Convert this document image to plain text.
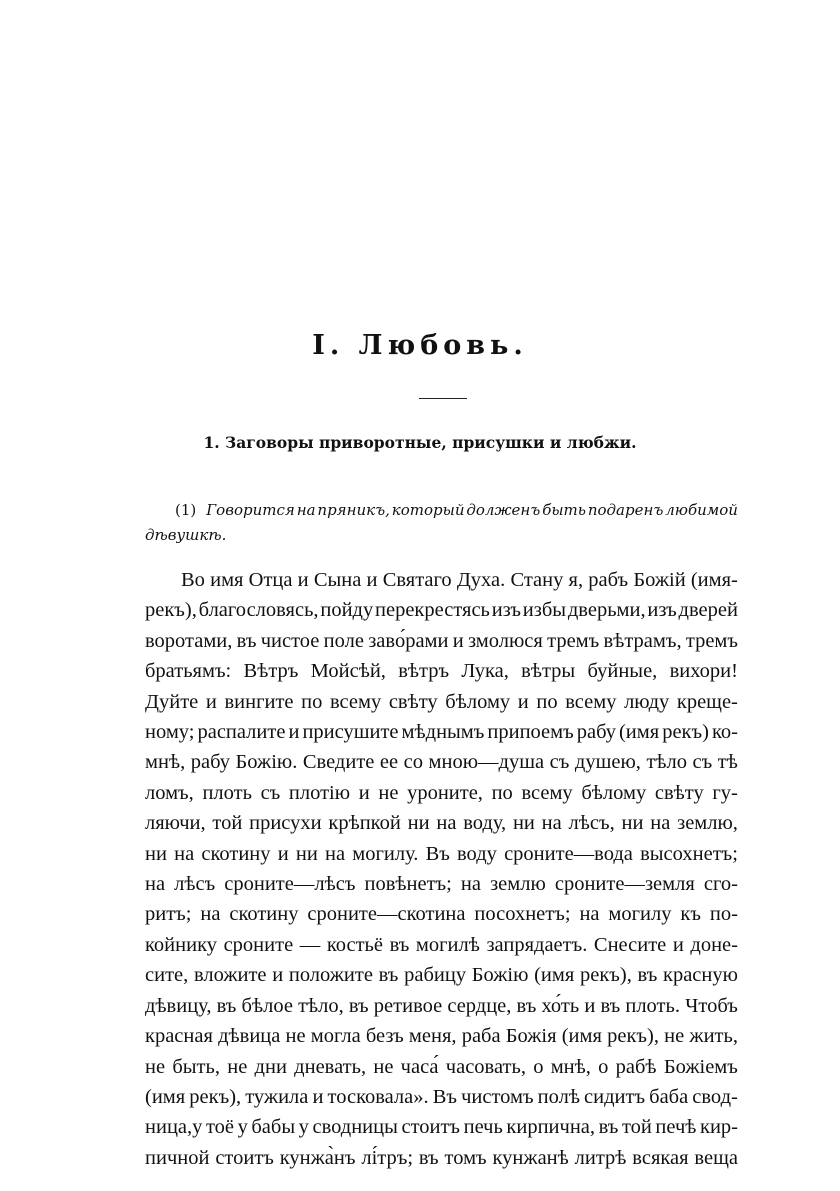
I. Любовь.
1. Заговоры приворотные, присушки и любжи.
(1) Говорится на пряникъ, который долженъ быть подаренъ любимой
дѣвушкѣ.
Во имя Отца и Сына и Святаго Духа. Стану я, рабъ Божій (имя-
рекъ), благословясь, пойду перекрестясь изъ избы дверьми, изъ дверей
воротами, въ чистое поле заво́рами и змолюся тремъ вѣтрамъ, тремъ
братьямъ: Вѣтръ Мойсѣй, вѣтръ Лука, вѣтры буйные, вихори!
Дуйте и вингите по всему свѣту бѣлому и по всему люду креще-
ному; распалите и присушите мѣднымъ припоемъ рабу (имя рекъ) ко-
мнѣ, рабу Божію. Сведите ее со мною—душа съ душею, тѣло съ тѣ
ломъ, плоть съ плотію и не уроните, по всему бѣлому свѣту гу-
ляючи, той присухи крѣпкой ни на воду, ни на лѣсъ, ни на землю,
ни на скотину и ни на могилу. Въ воду сроните—вода высохнетъ;
на лѣсъ сроните—лѣсъ повѣнетъ; на землю сроните—земля сго-
ритъ; на скотину сроните—скотина посохнетъ; на могилу къ по-
койнику сроните — костьё въ могилѣ запрядаетъ. Снесите и доне-
сите, вложите и положите въ рабицу Божію (имя рекъ), въ красную
дѣвицу, въ бѣлое тѣло, въ ретивое сердце, въ хо́ть и въ плоть. Чтобъ
красная дѣвица не могла безъ меня, раба Божія (имя рекъ), не жить,
не быть, не дни дневать, не часа́ часовать, о мнѣ, о рабѣ Божіемъ
(имя рекъ), тужила и тосковала». Въ чистомъ полѣ сидитъ баба свод-
ница,у тоё у бабы у сводницы стоитъ печь кирпична, въ той печѣ кир-
пичной стоитъ кунжа̀нъ лі́тръ; въ томъ кунжанѣ литрѣ всякая веща
